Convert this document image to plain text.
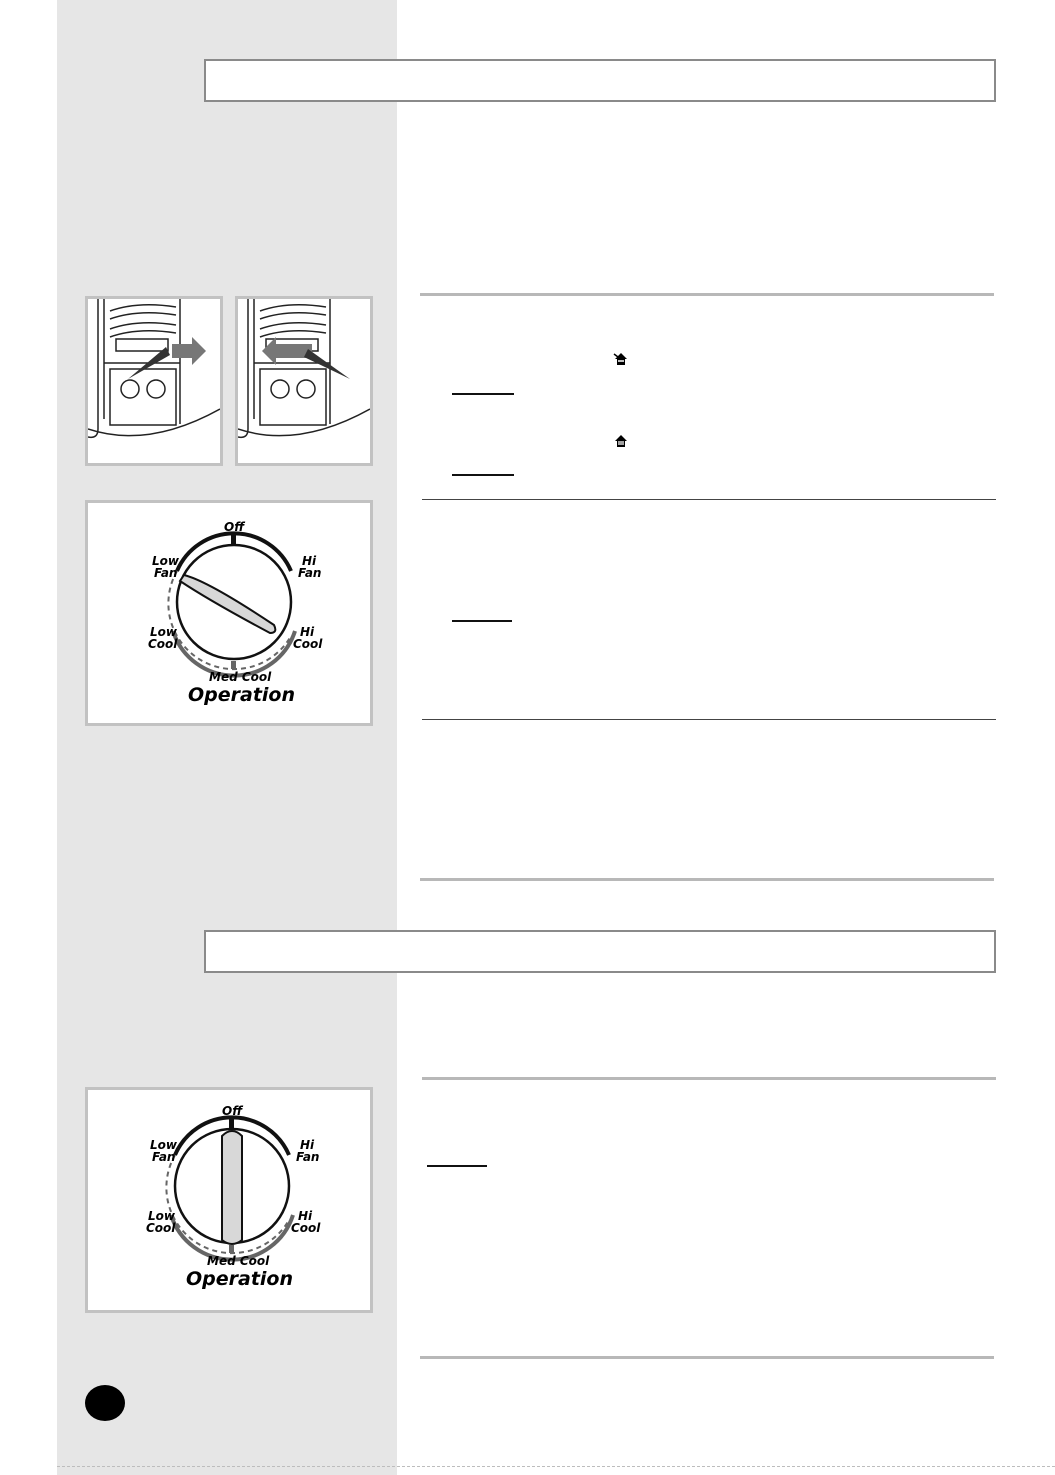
Off
Low
Fan
Hi
Fan
Low
Cool
Hi
Cool
Med Cool
Operation
Off
Low
Fan
Hi
Fan
Low
Cool
Hi
Cool
Med Cool
Operation
